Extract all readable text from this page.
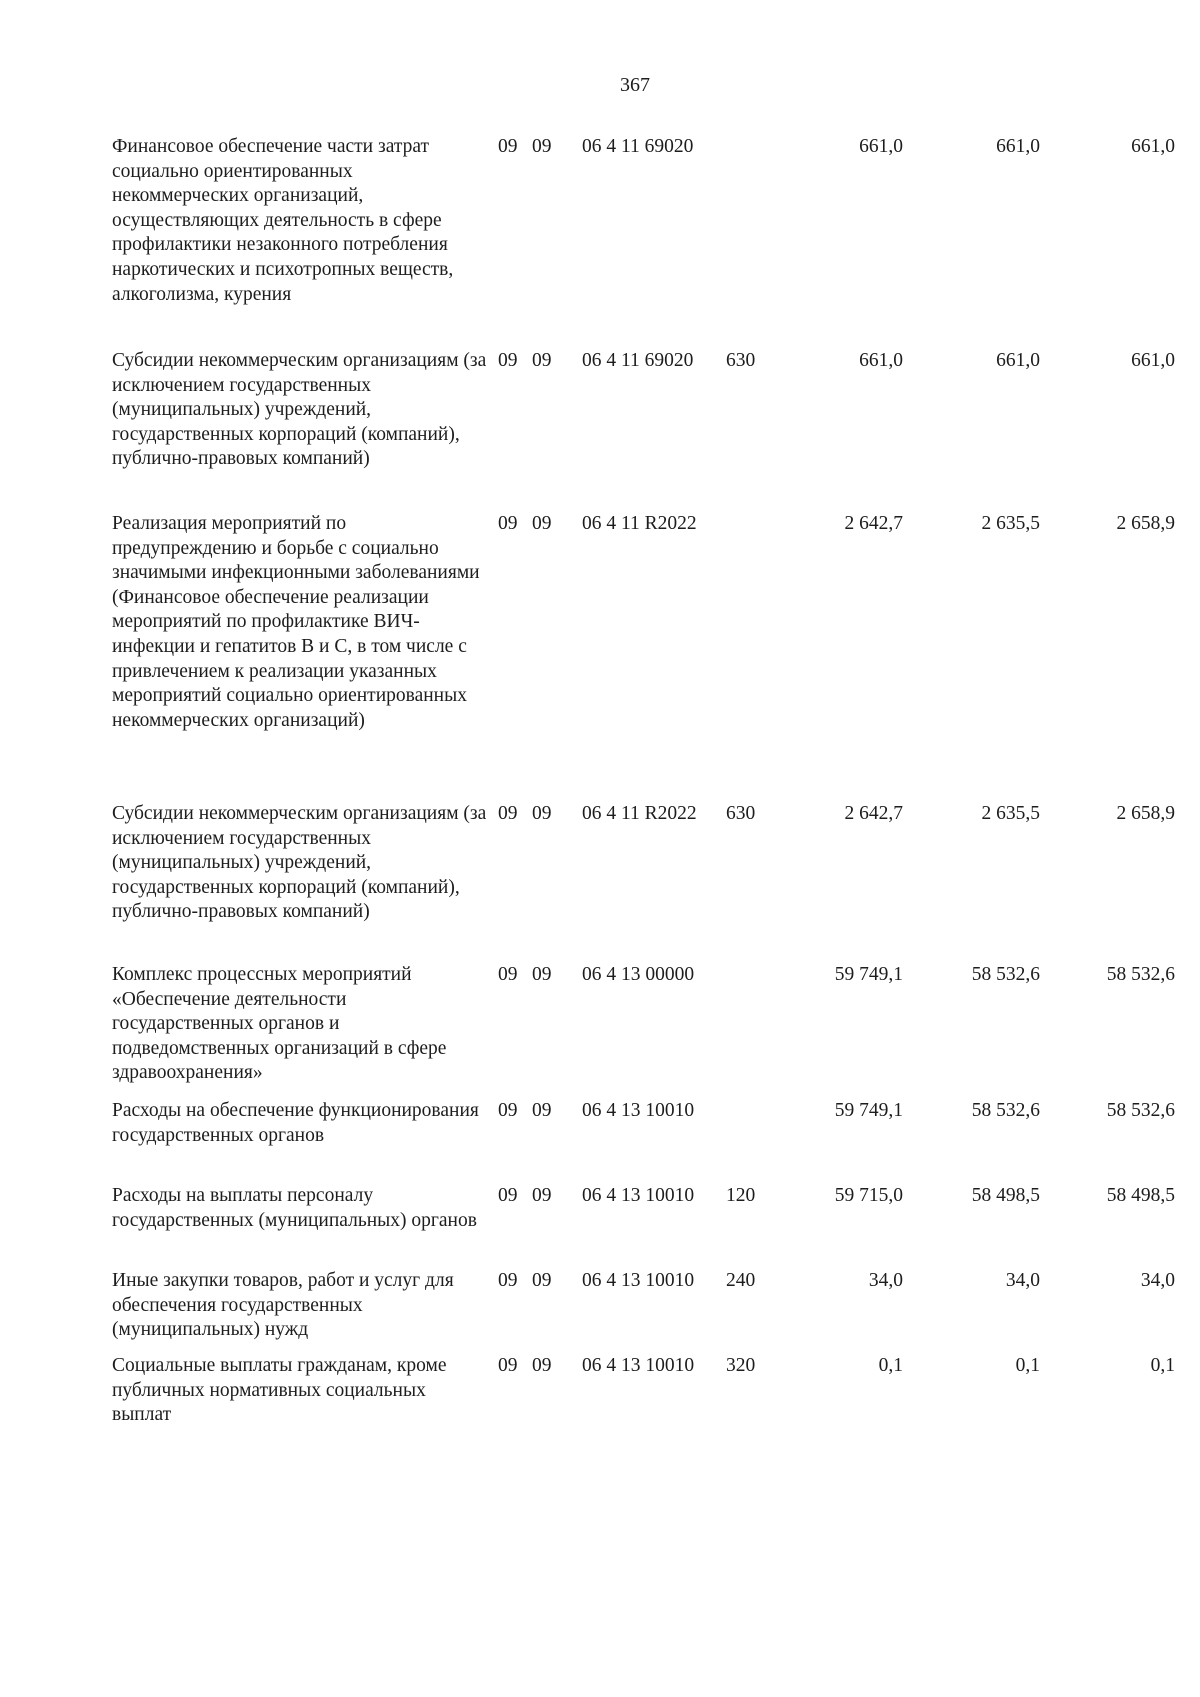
367
Финансовое обеспечение части затрат социально ориентированных некоммерческих организаций, осуществляющих деятельность в сфере профилактики незаконного потребления наркотических и психотропных веществ, алкоголизма, курения
09 09 06 4 11 69020	661,0	661,0	661,0
Субсидии некоммерческим организациям (за исключением государственных (муниципальных) учреждений, государственных корпораций (компаний), публично-правовых компаний)
09 09 06 4 11 69020 630	661,0	661,0	661,0
Реализация мероприятий по предупреждению и борьбе с социально значимыми инфекционными заболеваниями (Финансовое обеспечение реализации мероприятий по профилактике ВИЧ-инфекции и гепатитов В и С, в том числе с привлечением к реализации указанных мероприятий социально ориентированных некоммерческих организаций)
09 09 06 4 11 R2022	2 642,7	2 635,5	2 658,9
Субсидии некоммерческим организациям (за исключением государственных (муниципальных) учреждений, государственных корпораций (компаний), публично-правовых компаний)
09 09 06 4 11 R2022 630	2 642,7	2 635,5	2 658,9
Комплекс процессных мероприятий «Обеспечение деятельности государственных органов и подведомственных организаций в сфере здравоохранения»
09 09 06 4 13 00000	59 749,1	58 532,6	58 532,6
Расходы на обеспечение функционирования государственных органов
09 09 06 4 13 10010	59 749,1	58 532,6	58 532,6
Расходы на выплаты персоналу государственных (муниципальных) органов
09 09 06 4 13 10010 120	59 715,0	58 498,5	58 498,5
Иные закупки товаров, работ и услуг для обеспечения государственных (муниципальных) нужд
09 09 06 4 13 10010 240	34,0	34,0	34,0
Социальные выплаты гражданам, кроме публичных нормативных социальных выплат
09 09 06 4 13 10010 320	0,1	0,1	0,1
